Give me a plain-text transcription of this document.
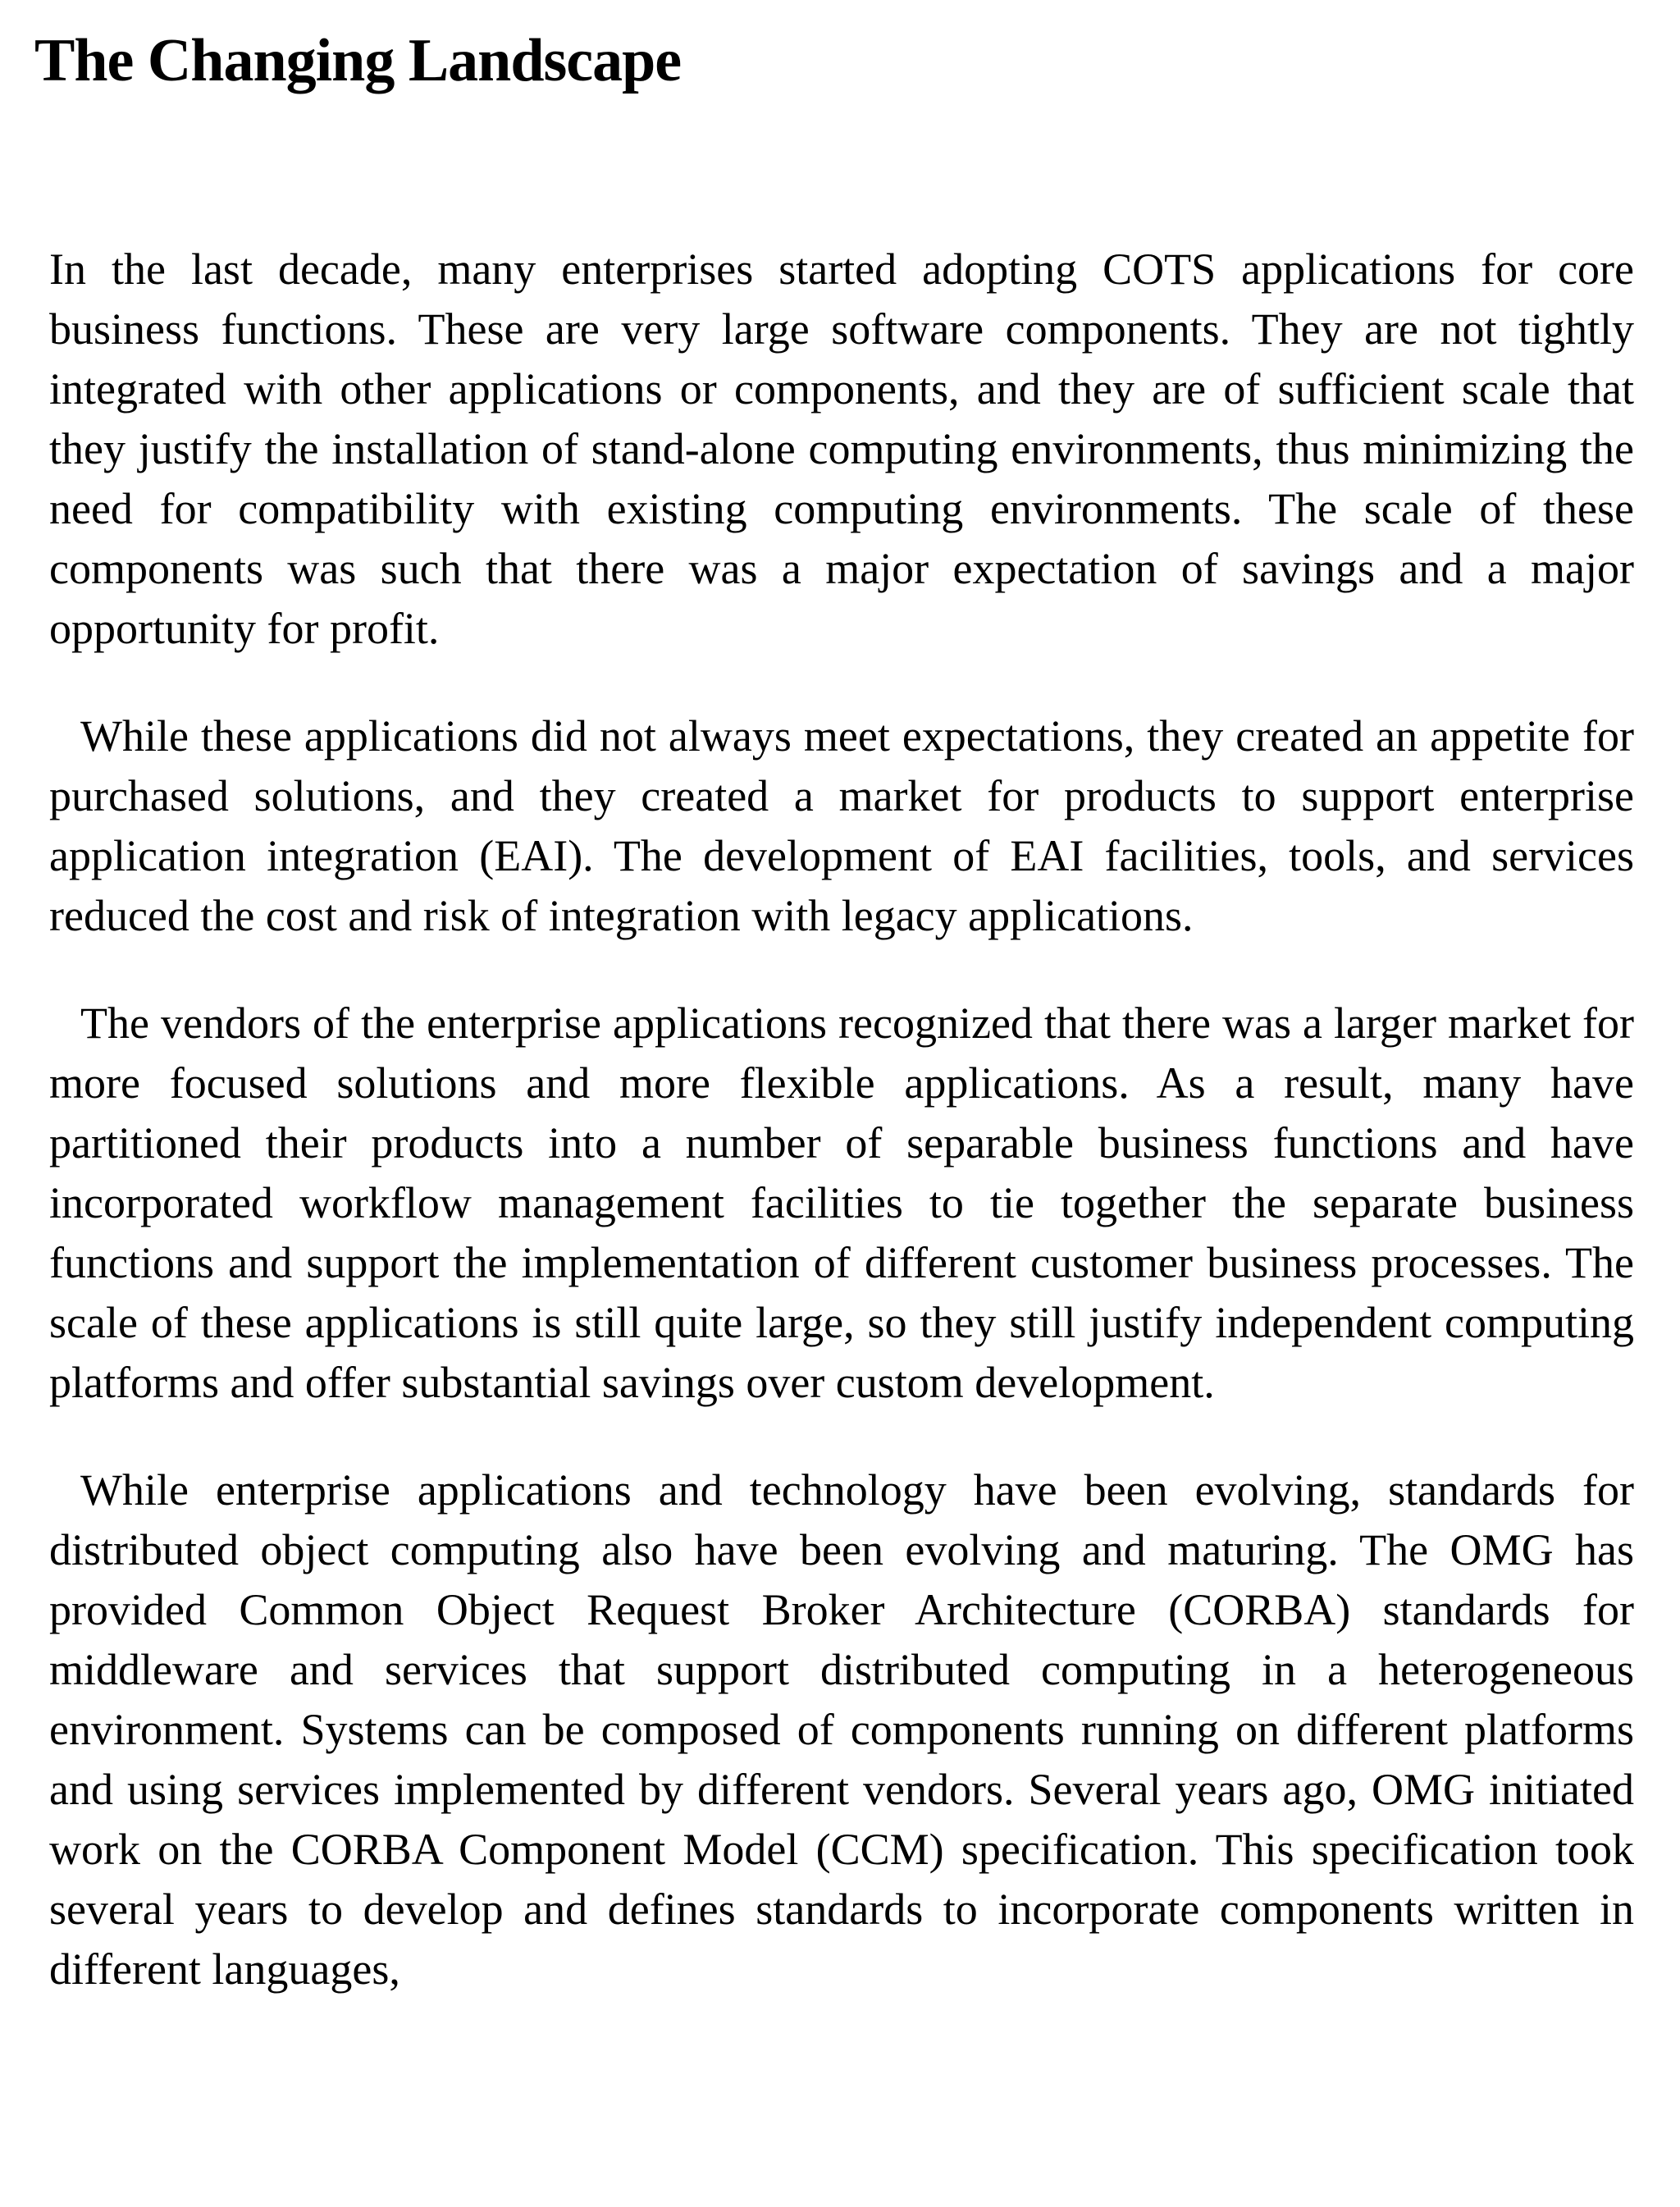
The Changing Landscape

In the last decade, many enterprises started adopting COTS applications for core business functions. These are very large software components. They are not tightly integrated with other applications or components, and they are of sufficient scale that they justify the installation of stand-alone computing environments, thus minimizing the need for compatibility with existing computing environments. The scale of these components was such that there was a major expectation of savings and a major opportunity for profit.

While these applications did not always meet expectations, they created an appetite for purchased solutions, and they created a market for products to support enterprise application integration (EAI). The development of EAI facilities, tools, and services reduced the cost and risk of integration with legacy applications.

The vendors of the enterprise applications recognized that there was a larger market for more focused solutions and more flexible applications. As a result, many have partitioned their products into a number of separable business functions and have incorporated workflow management facilities to tie together the separate business functions and support the implementation of different customer business processes. The scale of these applications is still quite large, so they still justify independent computing platforms and offer substantial savings over custom development.

While enterprise applications and technology have been evolving, standards for distributed object computing also have been evolving and maturing. The OMG has provided Common Object Request Broker Architecture (CORBA) standards for middleware and services that support distributed computing in a heterogeneous environment. Systems can be composed of components running on different platforms and using services implemented by different vendors. Several years ago, OMG initiated work on the CORBA Component Model (CCM) specification. This specification took several years to develop and defines standards to incorporate components written in different languages,
